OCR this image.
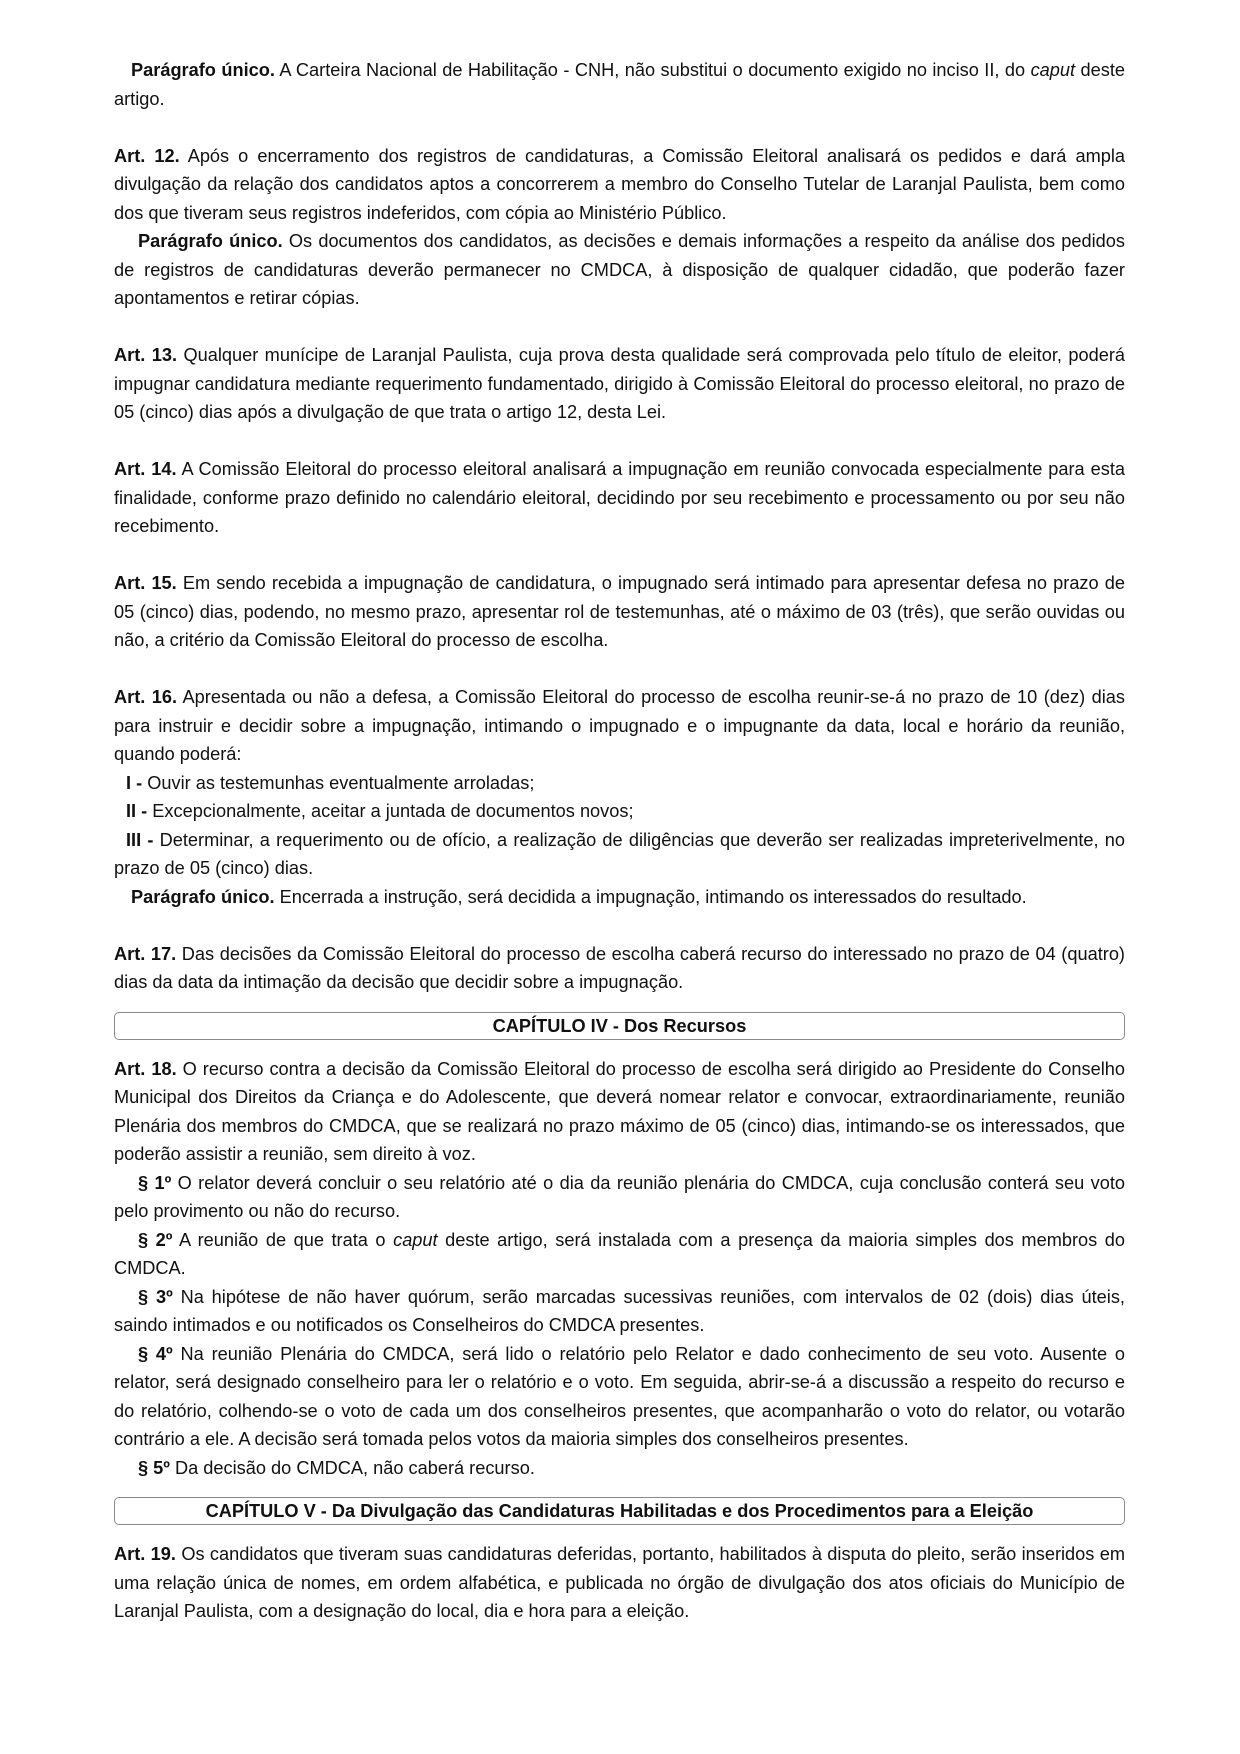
Parágrafo único. A Carteira Nacional de Habilitação - CNH, não substitui o documento exigido no inciso II, do caput deste artigo.

Art. 12. Após o encerramento dos registros de candidaturas, a Comissão Eleitoral analisará os pedidos e dará ampla divulgação da relação dos candidatos aptos a concorrerem a membro do Conselho Tutelar de Laranjal Paulista, bem como dos que tiveram seus registros indeferidos, com cópia ao Ministério Público.

Parágrafo único. Os documentos dos candidatos, as decisões e demais informações a respeito da análise dos pedidos de registros de candidaturas deverão permanecer no CMDCA, à disposição de qualquer cidadão, que poderão fazer apontamentos e retirar cópias.

Art. 13. Qualquer munícipe de Laranjal Paulista, cuja prova desta qualidade será comprovada pelo título de eleitor, poderá impugnar candidatura mediante requerimento fundamentado, dirigido à Comissão Eleitoral do processo eleitoral, no prazo de 05 (cinco) dias após a divulgação de que trata o artigo 12, desta Lei.

Art. 14. A Comissão Eleitoral do processo eleitoral analisará a impugnação em reunião convocada especialmente para esta finalidade, conforme prazo definido no calendário eleitoral, decidindo por seu recebimento e processamento ou por seu não recebimento.

Art. 15. Em sendo recebida a impugnação de candidatura, o impugnado será intimado para apresentar defesa no prazo de 05 (cinco) dias, podendo, no mesmo prazo, apresentar rol de testemunhas, até o máximo de 03 (três), que serão ouvidas ou não, a critério da Comissão Eleitoral do processo de escolha.

Art. 16. Apresentada ou não a defesa, a Comissão Eleitoral do processo de escolha reunir-se-á no prazo de 10 (dez) dias para instruir e decidir sobre a impugnação, intimando o impugnado e o impugnante da data, local e horário da reunião, quando poderá:

I - Ouvir as testemunhas eventualmente arroladas;

II - Excepcionalmente, aceitar a juntada de documentos novos;

III - Determinar, a requerimento ou de ofício, a realização de diligências que deverão ser realizadas impreterivelmente, no prazo de 05 (cinco) dias.

Parágrafo único. Encerrada a instrução, será decidida a impugnação, intimando os interessados do resultado.

Art. 17. Das decisões da Comissão Eleitoral do processo de escolha caberá recurso do interessado no prazo de 04 (quatro) dias da data da intimação da decisão que decidir sobre a impugnação.

CAPÍTULO IV - Dos Recursos

Art. 18. O recurso contra a decisão da Comissão Eleitoral do processo de escolha será dirigido ao Presidente do Conselho Municipal dos Direitos da Criança e do Adolescente, que deverá nomear relator e convocar, extraordinariamente, reunião Plenária dos membros do CMDCA, que se realizará no prazo máximo de 05 (cinco) dias, intimando-se os interessados, que poderão assistir a reunião, sem direito à voz.

§ 1º O relator deverá concluir o seu relatório até o dia da reunião plenária do CMDCA, cuja conclusão conterá seu voto pelo provimento ou não do recurso.

§ 2º A reunião de que trata o caput deste artigo, será instalada com a presença da maioria simples dos membros do CMDCA.

§ 3º Na hipótese de não haver quórum, serão marcadas sucessivas reuniões, com intervalos de 02 (dois) dias úteis, saindo intimados e ou notificados os Conselheiros do CMDCA presentes.

§ 4º Na reunião Plenária do CMDCA, será lido o relatório pelo Relator e dado conhecimento de seu voto. Ausente o relator, será designado conselheiro para ler o relatório e o voto. Em seguida, abrir-se-á a discussão a respeito do recurso e do relatório, colhendo-se o voto de cada um dos conselheiros presentes, que acompanharão o voto do relator, ou votarão contrário a ele. A decisão será tomada pelos votos da maioria simples dos conselheiros presentes.

§ 5º Da decisão do CMDCA, não caberá recurso.

CAPÍTULO V - Da Divulgação das Candidaturas Habilitadas e dos Procedimentos para a Eleição

Art. 19. Os candidatos que tiveram suas candidaturas deferidas, portanto, habilitados à disputa do pleito, serão inseridos em uma relação única de nomes, em ordem alfabética, e publicada no órgão de divulgação dos atos oficiais do Município de Laranjal Paulista, com a designação do local, dia e hora para a eleição.
